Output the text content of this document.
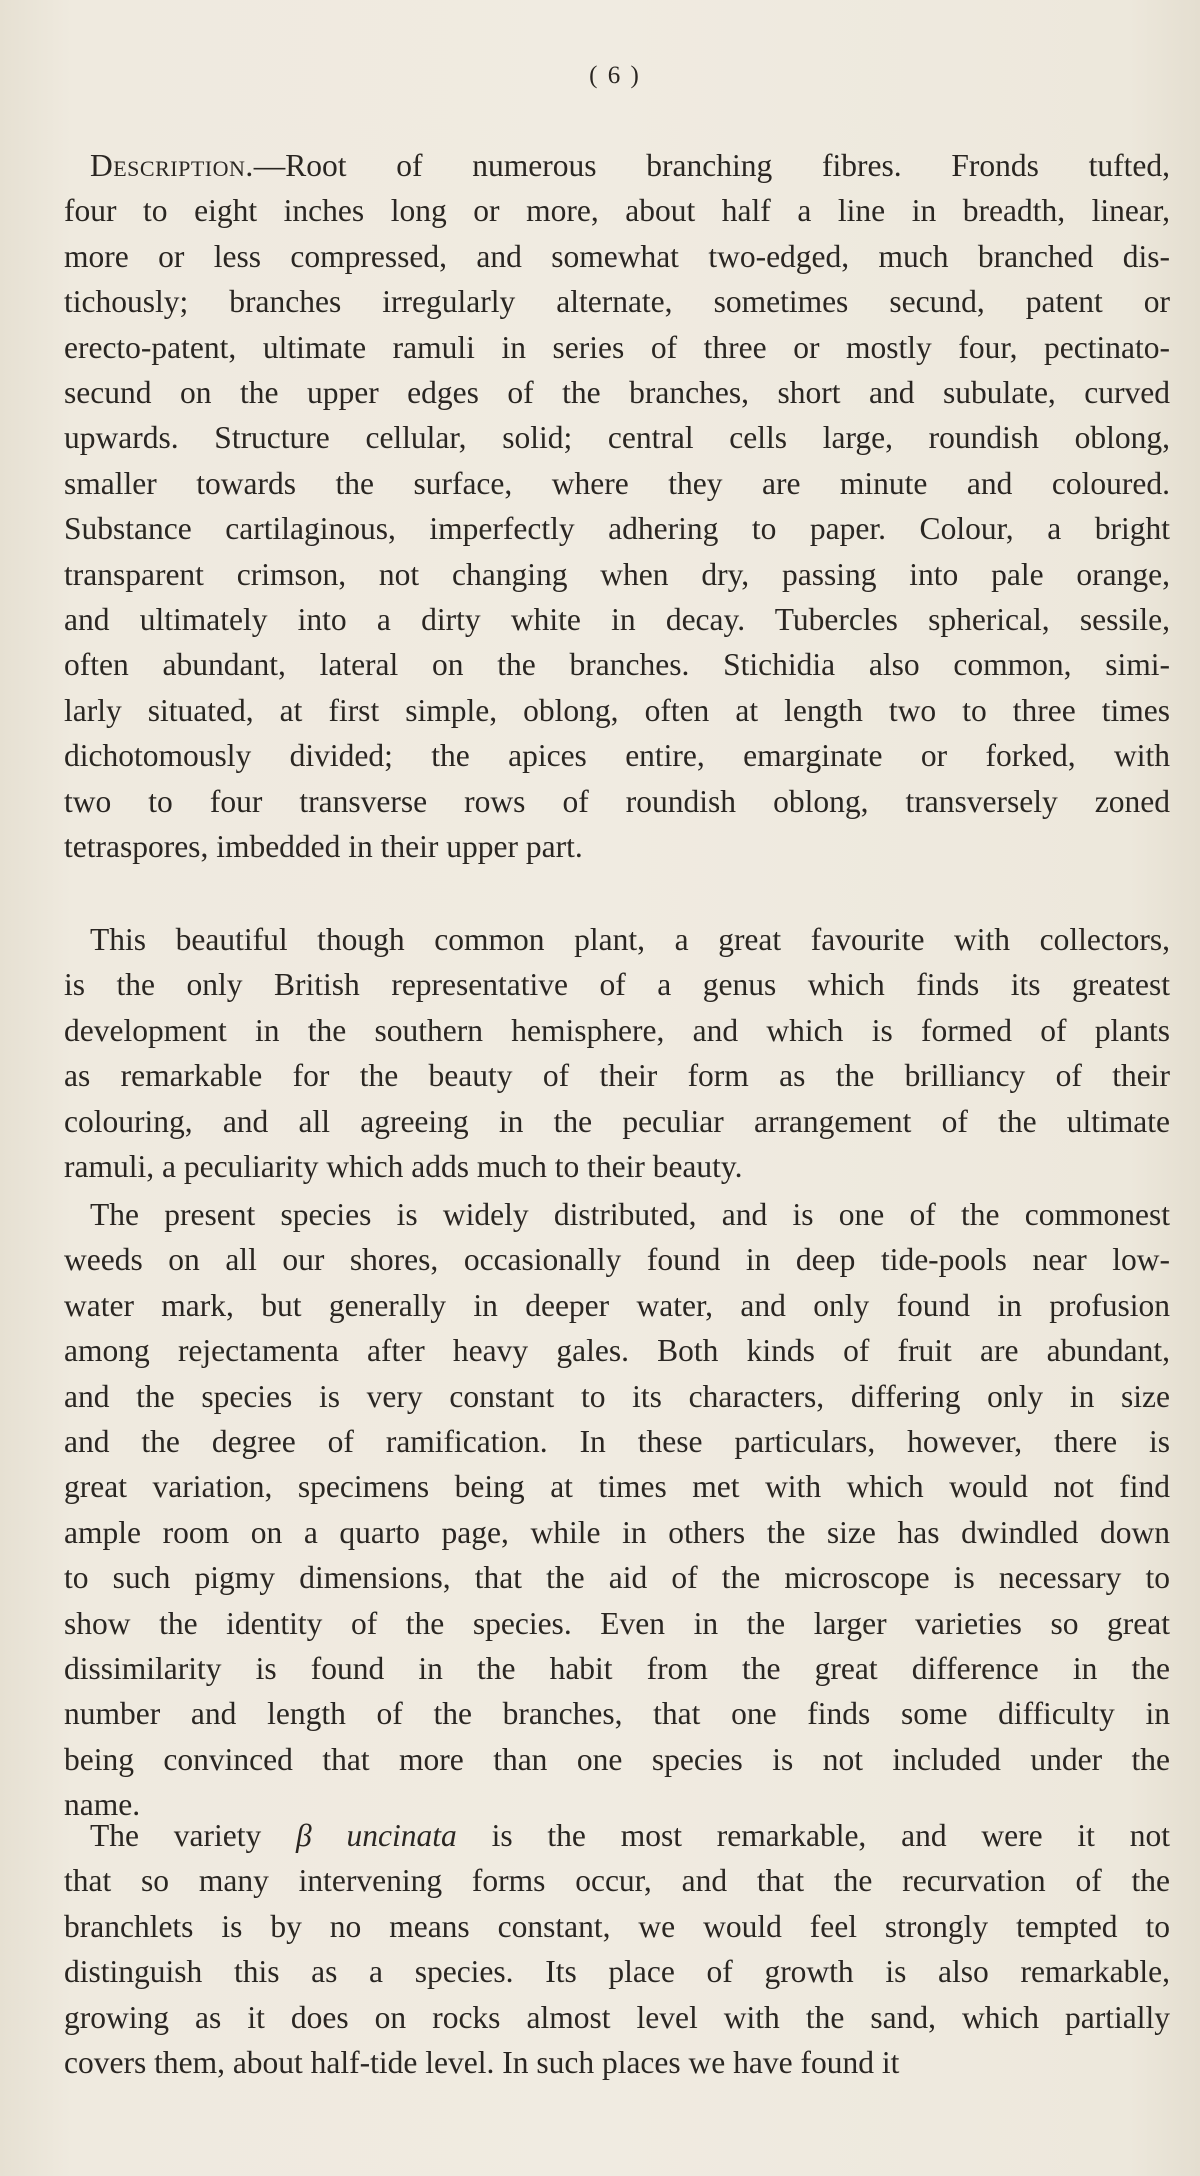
( 6 )
Description.—Root of numerous branching fibres. Fronds tufted,
four to eight inches long or more, about half a line in breadth, linear,
more or less compressed, and somewhat two-edged, much branched dis-
tichously; branches irregularly alternate, sometimes secund, patent or
erecto-patent, ultimate ramuli in series of three or mostly four, pectinato-
secund on the upper edges of the branches, short and subulate, curved
upwards. Structure cellular, solid; central cells large, roundish oblong,
smaller towards the surface, where they are minute and coloured.
Substance cartilaginous, imperfectly adhering to paper. Colour, a bright
transparent crimson, not changing when dry, passing into pale orange,
and ultimately into a dirty white in decay. Tubercles spherical, sessile,
often abundant, lateral on the branches. Stichidia also common, simi-
larly situated, at first simple, oblong, often at length two to three times
dichotomously divided; the apices entire, emarginate or forked, with
two to four transverse rows of roundish oblong, transversely zoned
tetraspores, imbedded in their upper part.
This beautiful though common plant, a great favourite with collectors,
is the only British representative of a genus which finds its greatest
development in the southern hemisphere, and which is formed of plants
as remarkable for the beauty of their form as the brilliancy of their
colouring, and all agreeing in the peculiar arrangement of the ultimate
ramuli, a peculiarity which adds much to their beauty.
The present species is widely distributed, and is one of the commonest
weeds on all our shores, occasionally found in deep tide-pools near low-
water mark, but generally in deeper water, and only found in profusion
among rejectamenta after heavy gales. Both kinds of fruit are abundant,
and the species is very constant to its characters, differing only in size
and the degree of ramification. In these particulars, however, there is
great variation, specimens being at times met with which would not find
ample room on a quarto page, while in others the size has dwindled down
to such pigmy dimensions, that the aid of the microscope is necessary to
show the identity of the species. Even in the larger varieties so great
dissimilarity is found in the habit from the great difference in the
number and length of the branches, that one finds some difficulty in
being convinced that more than one species is not included under the
name.
The variety β uncinata is the most remarkable, and were it not
that so many intervening forms occur, and that the recurvation of the
branchlets is by no means constant, we would feel strongly tempted to
distinguish this as a species. Its place of growth is also remarkable,
growing as it does on rocks almost level with the sand, which partially
covers them, about half-tide level. In such places we have found it
